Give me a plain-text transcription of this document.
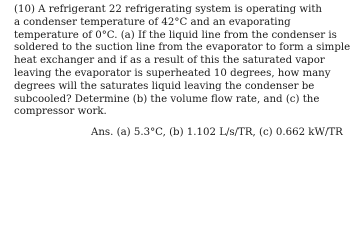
(10) A refrigerant 22 refrigerating system is operating with
a condenser temperature of 42°C and an evaporating
temperature of 0°C. (a) If the liquid line from the condenser is
soldered to the suction line from the evaporator to form a simple
heat exchanger and if as a result of this the saturated vapor
leaving the evaporator is superheated 10 degrees, how many
degrees will the saturates liquid leaving the condenser be
subcooled? Determine (b) the volume flow rate, and (c) the
compressor work.
Ans. (a) 5.3°C, (b) 1.102 L/s/TR, (c) 0.662 kW/TR
